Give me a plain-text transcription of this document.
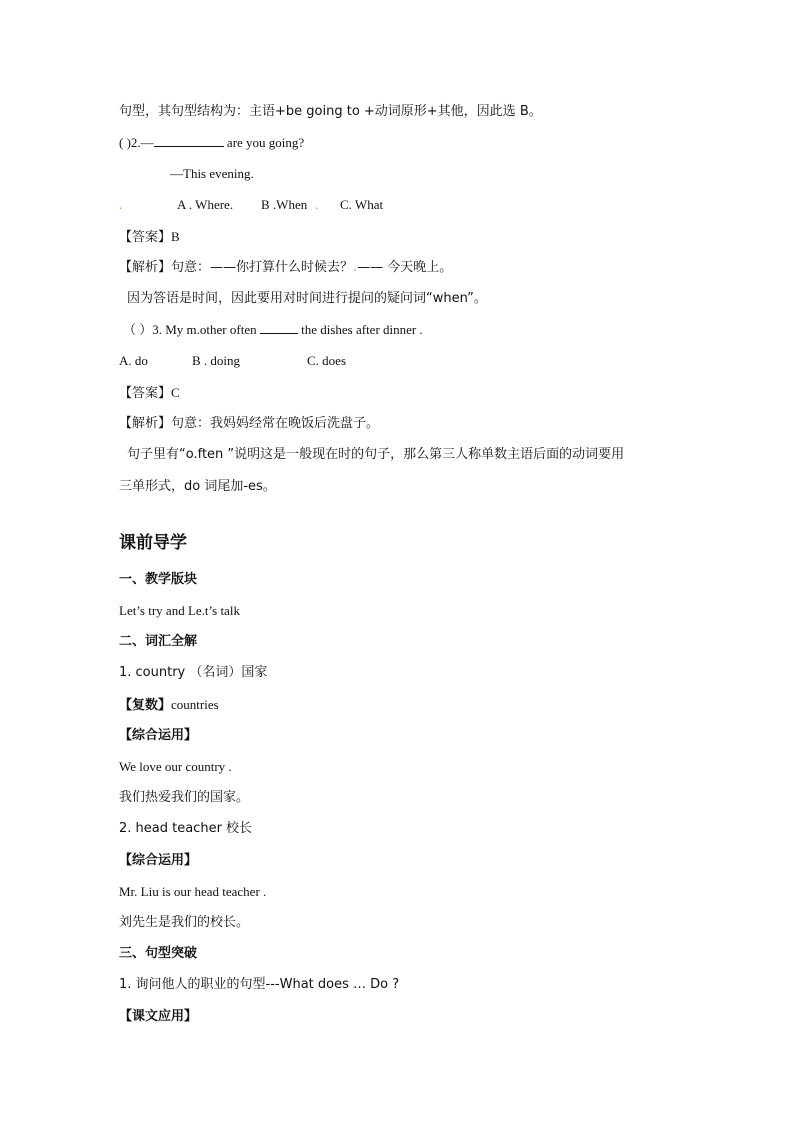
句型，其句型结构为：主语+be going to +动词原形+其他，因此选 B。
( )2.—	are you going?
—This evening.
.	A . Where. B .When . C. What
【答案】B
【解析】句意：——你打算什么时候去？.—— 今天晚上。
因为答语是时间，因此要用对时间进行提问的疑问词“when”。
（ ）3. My m.other often	the dishes after dinner .
A. do	B . doing	C. does
【答案】C
【解析】句意：我妈妈经常在晚饭后洗盘子。
句子里有“o.ften ”说明这是一般现在时的句子，那么第三人称单数主语后面的动词要用
三单形式，do 词尾加-es。
课前导学
一、教学版块
Let’s try and Le.t’s talk
二、词汇全解
1. country （名词）国家
【复数】countries
【综合运用】
We love our country .
我们热爱我们的国家。
2. head teacher 校长
【综合运用】
Mr. Liu is our head teacher .
刘先生是我们的校长。
三、句型突破
1. 询问他人的职业的句型---What does … Do ?
【课文应用】
